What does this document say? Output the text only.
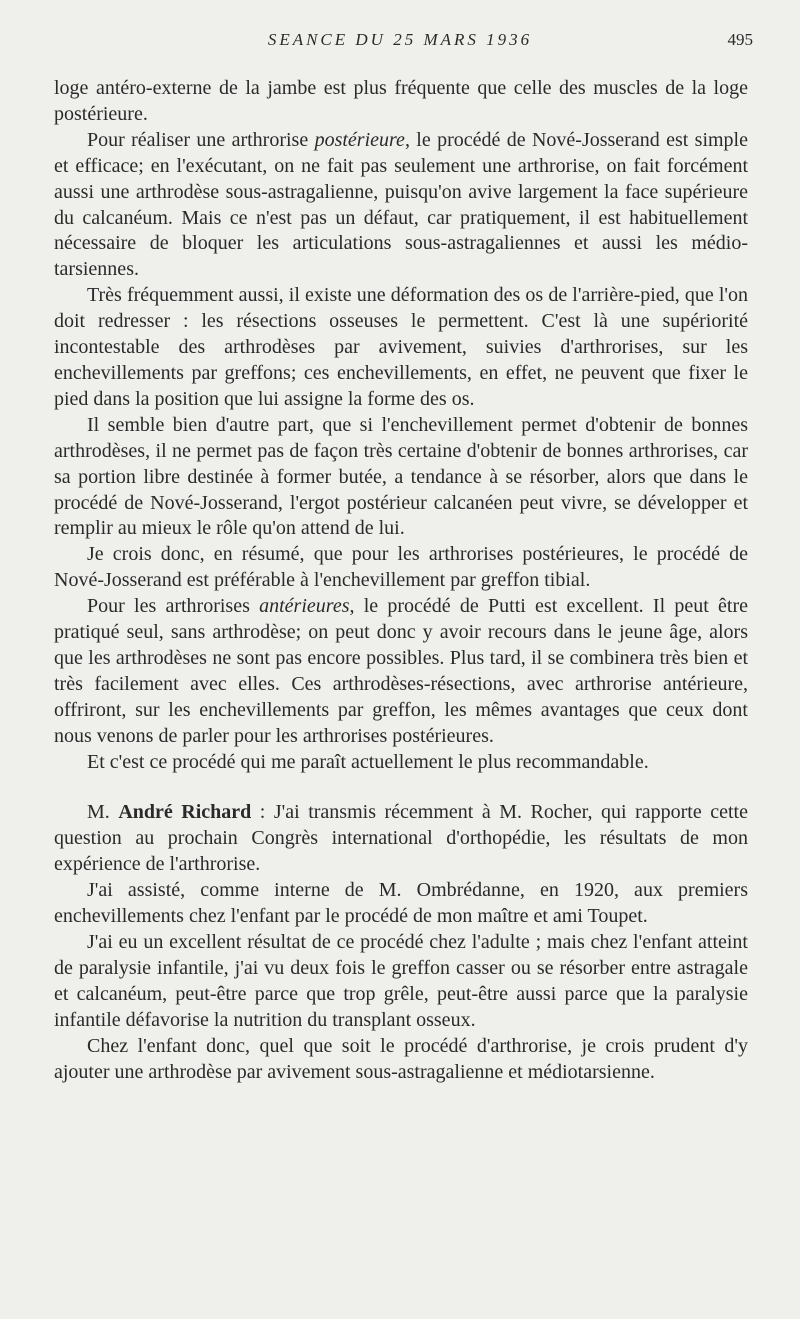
SEANCE DU 25 MARS 1936	495

loge antéro-externe de la jambe est plus fréquente que celle des muscles de la loge postérieure.

Pour réaliser une arthrorise postérieure, le procédé de Nové-Josserand est simple et efficace; en l'exécutant, on ne fait pas seulement une arthrorise, on fait forcément aussi une arthrodèse sous-astragalienne, puisqu'on avive largement la face supérieure du calcanéum. Mais ce n'est pas un défaut, car pratiquement, il est habituellement nécessaire de bloquer les articulations sous-astragaliennes et aussi les médio-tarsiennes.

Très fréquemment aussi, il existe une déformation des os de l'arrière-pied, que l'on doit redresser : les résections osseuses le permettent. C'est là une supériorité incontestable des arthrodèses par avivement, suivies d'arthrorises, sur les enchevillements par greffons; ces enchevillements, en effet, ne peuvent que fixer le pied dans la position que lui assigne la forme des os.

Il semble bien d'autre part, que si l'enchevillement permet d'obtenir de bonnes arthrodèses, il ne permet pas de façon très certaine d'obtenir de bonnes arthrorises, car sa portion libre destinée à former butée, a tendance à se résorber, alors que dans le procédé de Nové-Josserand, l'ergot postérieur calcanéen peut vivre, se développer et remplir au mieux le rôle qu'on attend de lui.

Je crois donc, en résumé, que pour les arthrorises postérieures, le procédé de Nové-Josserand est préférable à l'enchevillement par greffon tibial.

Pour les arthrorises antérieures, le procédé de Putti est excellent. Il peut être pratiqué seul, sans arthrodèse; on peut donc y avoir recours dans le jeune âge, alors que les arthrodèses ne sont pas encore possibles. Plus tard, il se combinera très bien et très facilement avec elles. Ces arthrodèses-résections, avec arthrorise antérieure, offriront, sur les enchevillements par greffon, les mêmes avantages que ceux dont nous venons de parler pour les arthrorises postérieures.

Et c'est ce procédé qui me paraît actuellement le plus recommandable.

M. André Richard : J'ai transmis récemment à M. Rocher, qui rapporte cette question au prochain Congrès international d'orthopédie, les résultats de mon expérience de l'arthrorise.

J'ai assisté, comme interne de M. Ombrédanne, en 1920, aux premiers enchevillements chez l'enfant par le procédé de mon maître et ami Toupet.

J'ai eu un excellent résultat de ce procédé chez l'adulte ; mais chez l'enfant atteint de paralysie infantile, j'ai vu deux fois le greffon casser ou se résorber entre astragale et calcanéum, peut-être parce que trop grêle, peut-être aussi parce que la paralysie infantile défavorise la nutrition du transplant osseux.

Chez l'enfant donc, quel que soit le procédé d'arthrorise, je crois prudent d'y ajouter une arthrodèse par avivement sous-astragalienne et médiotarsienne.
